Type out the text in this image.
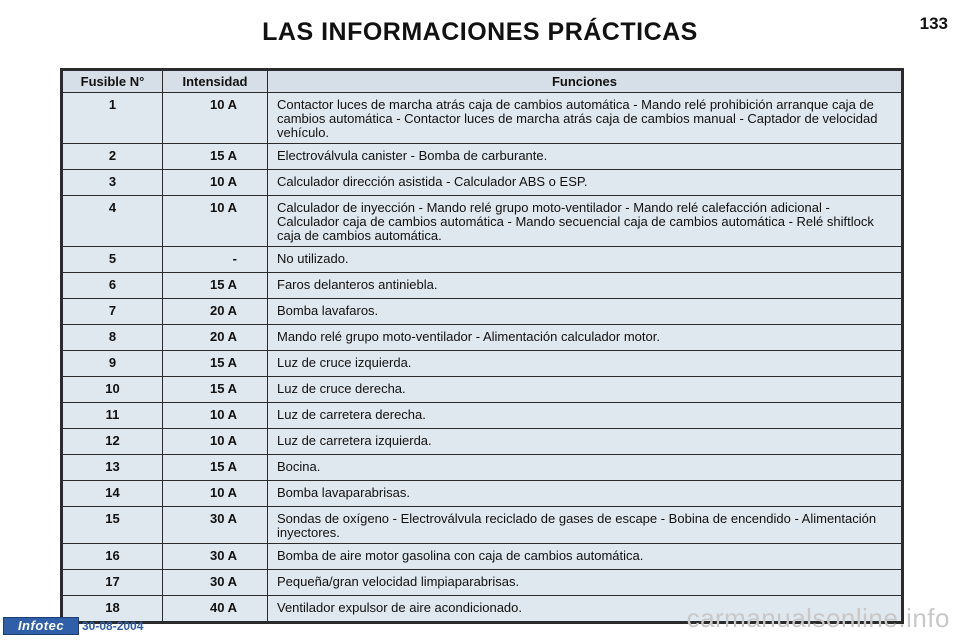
LAS INFORMACIONES PRÁCTICAS	133
Fusible N°	Intensidad	Funciones
1	10 A	Contactor luces de marcha atrás caja de cambios automática - Mando relé prohibición arranque caja de cambios automática - Contactor luces de marcha atrás caja de cambios manual - Captador de velocidad vehículo.
2	15 A	Electroválvula canister - Bomba de carburante.
3	10 A	Calculador dirección asistida - Calculador ABS o ESP.
4	10 A	Calculador de inyección - Mando relé grupo moto-ventilador - Mando relé calefacción adicional - Calculador caja de cambios automática - Mando secuencial caja de cambios automática - Relé shiftlock caja de cambios automática.
5	-	No utilizado.
6	15 A	Faros delanteros antiniebla.
7	20 A	Bomba lavafaros.
8	20 A	Mando relé grupo moto-ventilador - Alimentación calculador motor.
9	15 A	Luz de cruce izquierda.
10	15 A	Luz de cruce derecha.
11	10 A	Luz de carretera derecha.
12	10 A	Luz de carretera izquierda.
13	15 A	Bocina.
14	10 A	Bomba lavaparabrisas.
15	30 A	Sondas de oxígeno - Electroválvula reciclado de gases de escape - Bobina de encendido - Alimentación inyectores.
16	30 A	Bomba de aire motor gasolina con caja de cambios automática.
17	30 A	Pequeña/gran velocidad limpiaparabrisas.
18	40 A	Ventilador expulsor de aire acondicionado.
Infotec	30-08-2004	carmanualsonline.info
